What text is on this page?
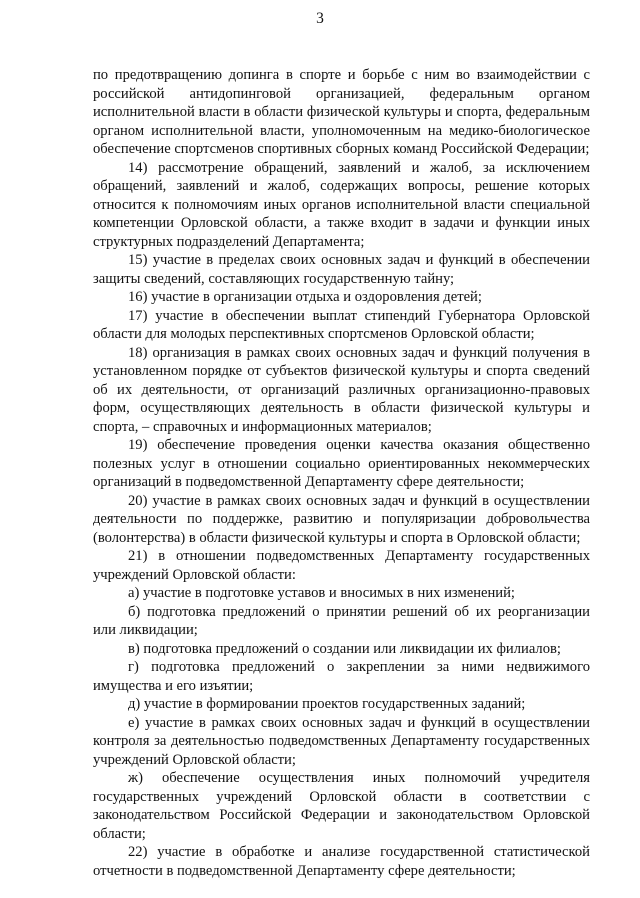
3

по предотвращению допинга в спорте и борьбе с ним во взаимодействии с российской антидопинговой организацией, федеральным органом исполнительной власти в области физической культуры и спорта, федеральным органом исполнительной власти, уполномоченным на медико-биологическое обеспечение спортсменов спортивных сборных команд Российской Федерации;

14) рассмотрение обращений, заявлений и жалоб, за исключением обращений, заявлений и жалоб, содержащих вопросы, решение которых относится к полномочиям иных органов исполнительной власти специальной компетенции Орловской области, а также входит в задачи и функции иных структурных подразделений Департамента;

15) участие в пределах своих основных задач и функций в обеспечении защиты сведений, составляющих государственную тайну;

16) участие в организации отдыха и оздоровления детей;

17) участие в обеспечении выплат стипендий Губернатора Орловской области для молодых перспективных спортсменов Орловской области;

18) организация в рамках своих основных задач и функций получения в установленном порядке от субъектов физической культуры и спорта сведений об их деятельности, от организаций различных организационно-правовых форм, осуществляющих деятельность в области физической культуры и спорта, – справочных и информационных материалов;

19) обеспечение проведения оценки качества оказания общественно полезных услуг в отношении социально ориентированных некоммерческих организаций в подведомственной Департаменту сфере деятельности;

20) участие в рамках своих основных задач и функций в осуществлении деятельности по поддержке, развитию и популяризации добровольчества (волонтерства) в области физической культуры и спорта в Орловской области;

21) в отношении подведомственных Департаменту государственных учреждений Орловской области:

а) участие в подготовке уставов и вносимых в них изменений;

б) подготовка предложений о принятии решений об их реорганизации или ликвидации;

в) подготовка предложений о создании или ликвидации их филиалов;

г) подготовка предложений о закреплении за ними недвижимого имущества и его изъятии;

д) участие в формировании проектов государственных заданий;

е) участие в рамках своих основных задач и функций в осуществлении контроля за деятельностью подведомственных Департаменту государственных учреждений Орловской области;

ж) обеспечение осуществления иных полномочий учредителя государственных учреждений Орловской области в соответствии с законодательством Российской Федерации и законодательством Орловской области;

22) участие в обработке и анализе государственной статистической отчетности в подведомственной Департаменту сфере деятельности;
